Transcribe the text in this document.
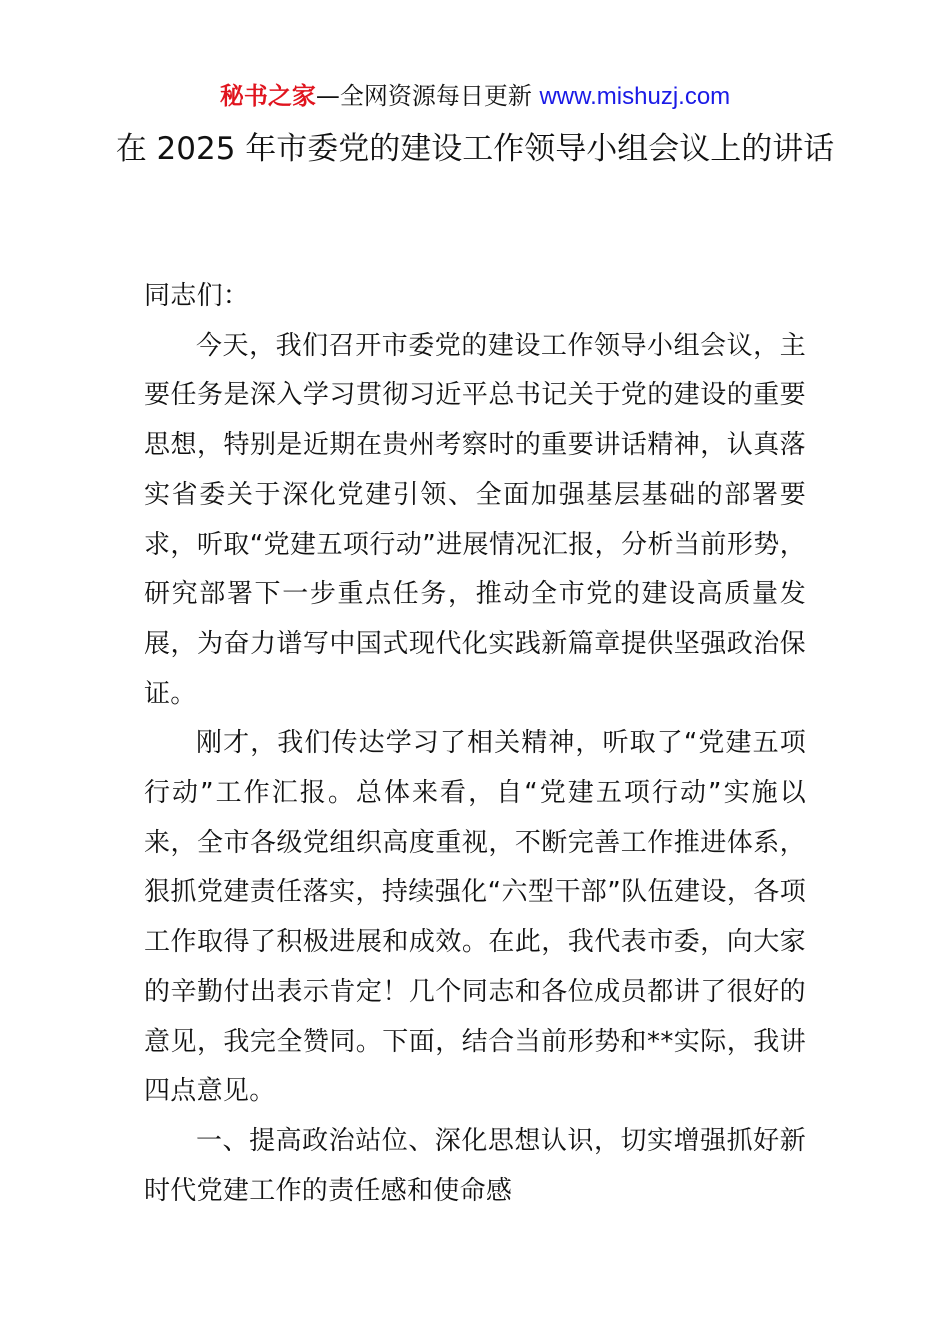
秘书之家—全网资源每日更新 www.mishuzj.com
在 2025 年市委党的建设工作领导小组会议上的讲话

同志们：

今天，我们召开市委党的建设工作领导小组会议，主要任务是深入学习贯彻习近平总书记关于党的建设的重要思想，特别是近期在贵州考察时的重要讲话精神，认真落实省委关于深化党建引领、全面加强基层基础的部署要求，听取“党建五项行动”进展情况汇报，分析当前形势，研究部署下一步重点任务，推动全市党的建设高质量发展，为奋力谱写中国式现代化实践新篇章提供坚强政治保证。

刚才，我们传达学习了相关精神，听取了“党建五项行动”工作汇报。总体来看，自“党建五项行动”实施以来，全市各级党组织高度重视，不断完善工作推进体系，狠抓党建责任落实，持续强化“六型干部”队伍建设，各项工作取得了积极进展和成效。在此，我代表市委，向大家的辛勤付出表示肯定！几个同志和各位成员都讲了很好的意见，我完全赞同。下面，结合当前形势和**实际，我讲四点意见。

一、提高政治站位、深化思想认识，切实增强抓好新时代党建工作的责任感和使命感
